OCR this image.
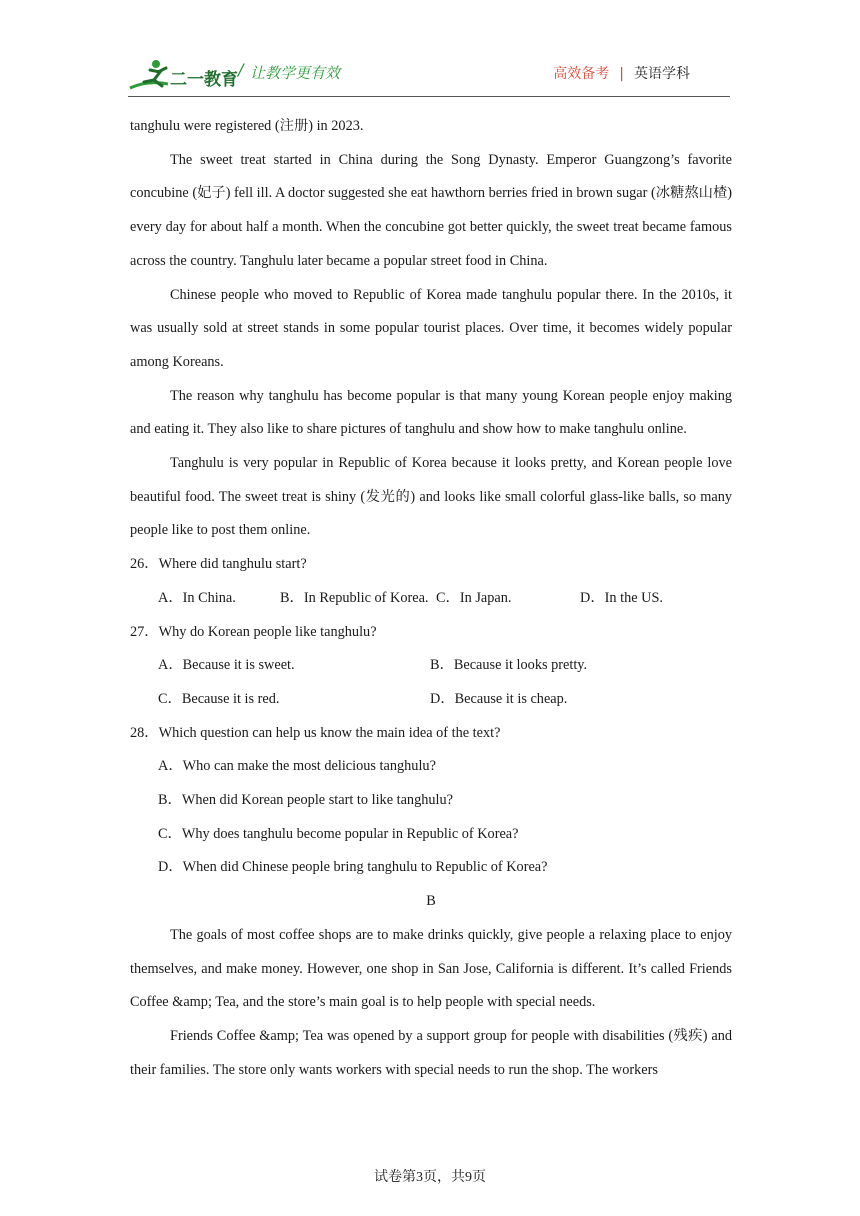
二一教育
/ 让教学更有效	高效备考 | 英语学科

tanghulu were registered (注册) in 2023.

The sweet treat started in China during the Song Dynasty. Emperor Guangzong’s favorite concubine (妃子) fell ill. A doctor suggested she eat hawthorn berries fried in brown sugar (冰糖熬山楂) every day for about half a month. When the concubine got better quickly, the sweet treat became famous across the country. Tanghulu later became a popular street food in China.

Chinese people who moved to Republic of Korea made tanghulu popular there. In the 2010s, it was usually sold at street stands in some popular tourist places. Over time, it becomes widely popular among Koreans.

The reason why tanghulu has become popular is that many young Korean people enjoy making and eating it. They also like to share pictures of tanghulu and show how to make tanghulu online.

Tanghulu is very popular in Republic of Korea because it looks pretty, and Korean people love beautiful food. The sweet treat is shiny (发光的) and looks like small colorful glass-like balls, so many people like to post them online.

26．Where did tanghulu start?

A．In China.	B．In Republic of Korea. C．In Japan.	D．In the US.

27．Why do Korean people like tanghulu?

A．Because it is sweet.	B．Because it looks pretty.
C．Because it is red.	D．Because it is cheap.

28．Which question can help us know the main idea of the text?

A．Who can make the most delicious tanghulu?

B．When did Korean people start to like tanghulu?

C．Why does tanghulu become popular in Republic of Korea?

D．When did Chinese people bring tanghulu to Republic of Korea?

B

The goals of most coffee shops are to make drinks quickly, give people a relaxing place to enjoy themselves, and make money. However, one shop in San Jose, California is different. It’s called Friends Coffee &amp; Tea, and the store’s main goal is to help people with special needs.

Friends Coffee &amp; Tea was opened by a support group for people with disabilities (残疾) and their families. The store only wants workers with special needs to run the shop. The workers

试卷第3页，共9页
